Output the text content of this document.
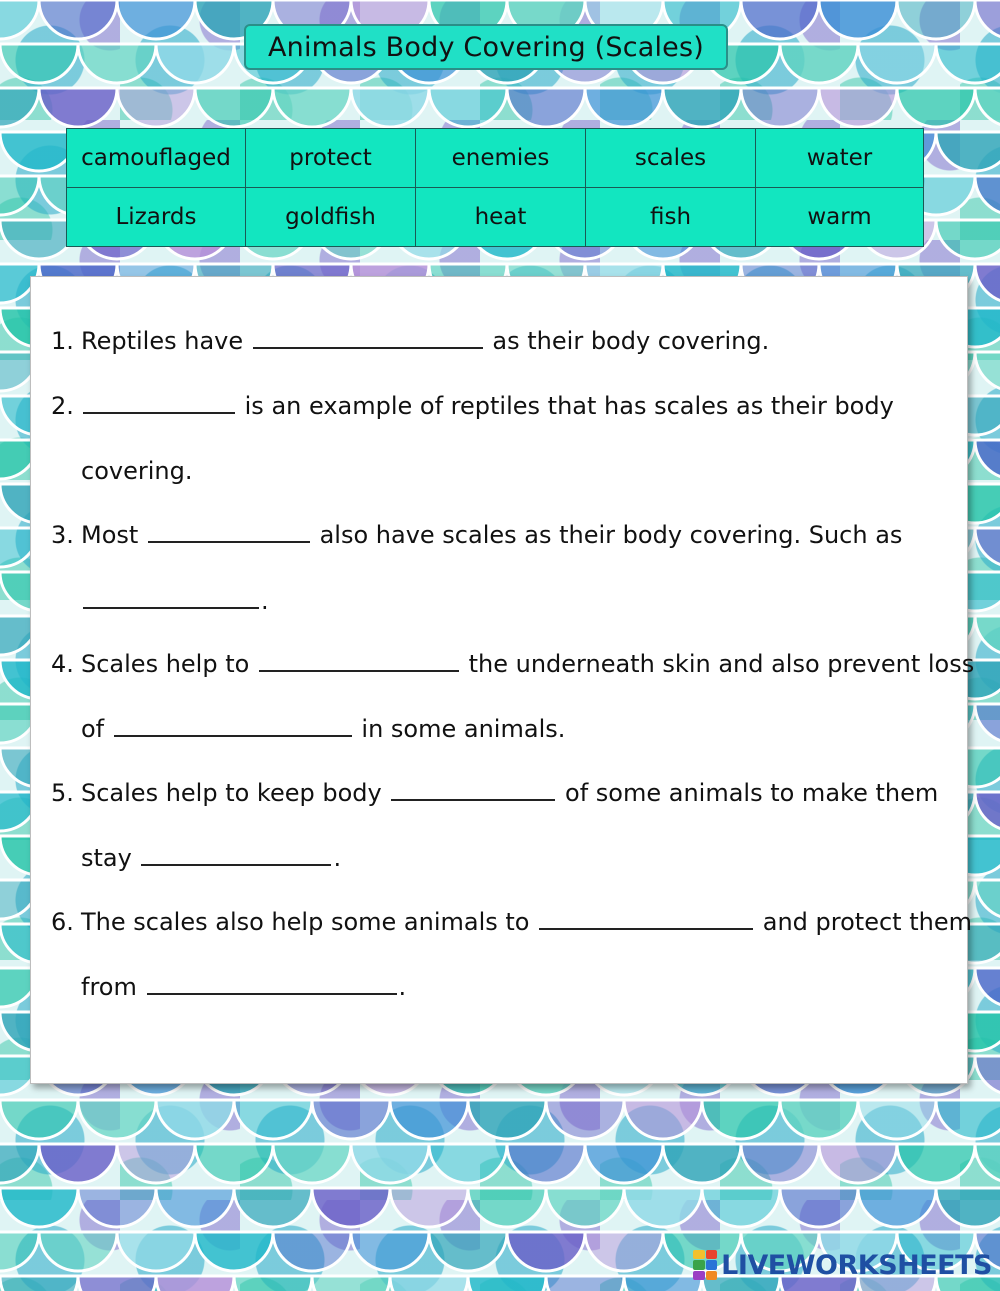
Animals Body Covering (Scales)
camouflaged	protect	enemies	scales	water
Lizards	goldfish	heat	fish	warm
1. Reptiles have	as their body covering.
2.	is an example of reptiles that has scales as their body
covering.
3. Most	also have scales as their body covering. Such as
.
4. Scales help to	the underneath skin and also prevent loss
of	in some animals.
5. Scales help to keep body	of some animals to make them
stay	.
6. The scales also help some animals to	and protect them
from	.
LIVEWORKSHEETS
